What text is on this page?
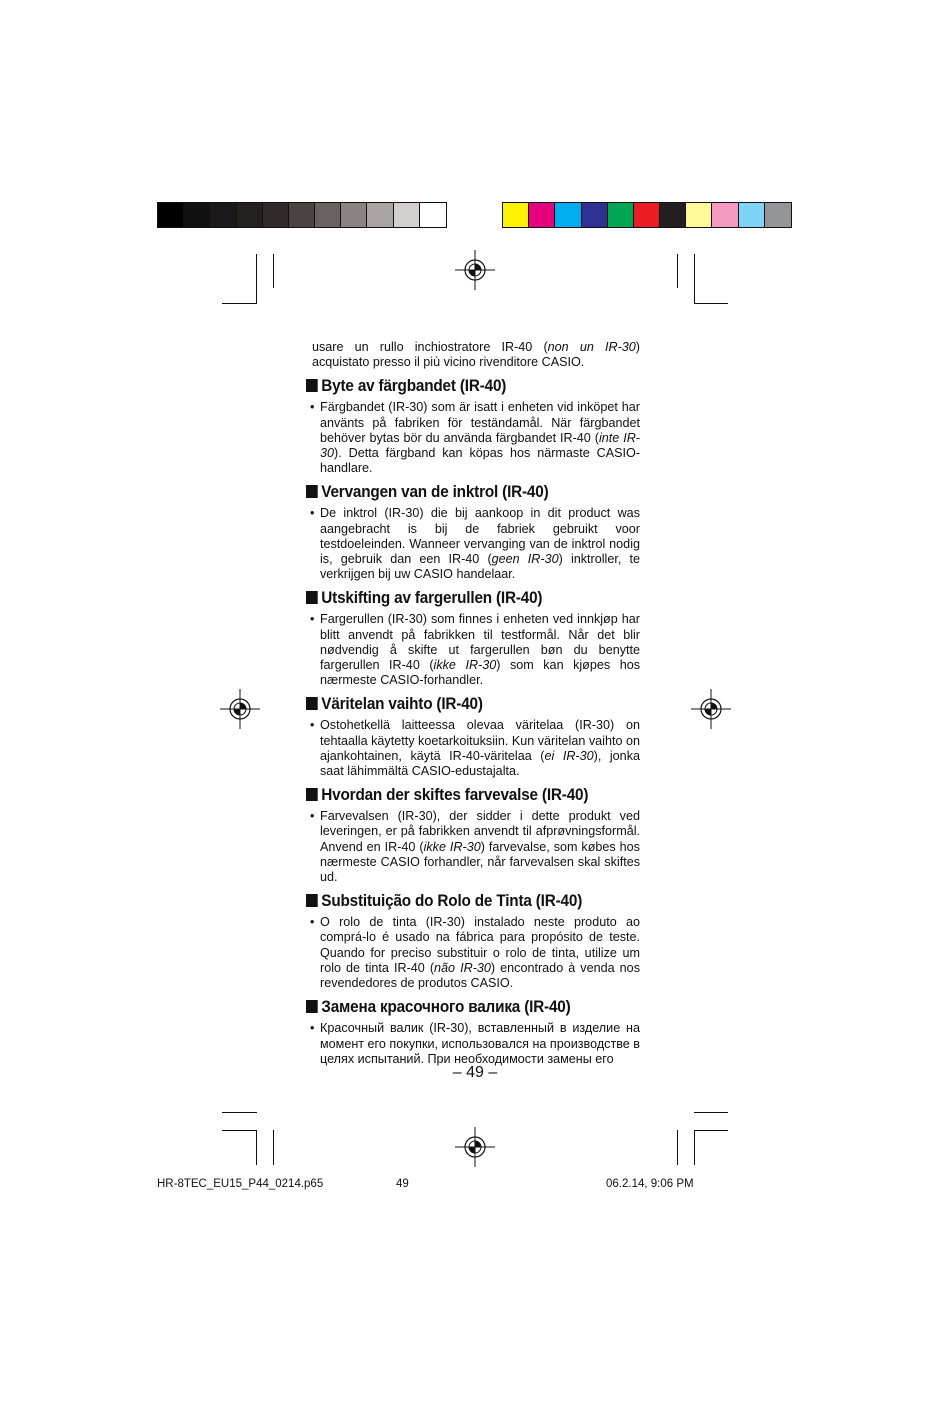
usare un rullo inchiostratore IR-40 (non un IR-30) acquistato presso il più vicino rivenditore CASIO.

Byte av färgbandet (IR-40)
• Färgbandet (IR-30) som är isatt i enheten vid inköpet har använts på fabriken för teständamål. När färgbandet behöver bytas bör du använda färgbandet IR-40 (inte IR-30). Detta färgband kan köpas hos närmaste CASIO-handlare.

Vervangen van de inktrol (IR-40)
• De inktrol (IR-30) die bij aankoop in dit product was aangebracht is bij de fabriek gebruikt voor testdoeleinden. Wanneer vervanging van de inktrol nodig is, gebruik dan een IR-40 (geen IR-30) inktroller, te verkrijgen bij uw CASIO handelaar.

Utskifting av fargerullen (IR-40)
• Fargerullen (IR-30) som finnes i enheten ved innkjøp har blitt anvendt på fabrikken til testformål. Når det blir nødvendig å skifte ut fargerullen bøn du benytte fargerullen IR-40 (ikke IR-30) som kan kjøpes hos nærmeste CASIO-forhandler.

Väritelan vaihto (IR-40)
• Ostohetkellä laitteessa olevaa väritelaa (IR-30) on tehtaalla käytetty koetarkoituksiin. Kun väritelan vaihto on ajankohtainen, käytä IR-40-väritelaa (ei IR-30), jonka saat lähimmältä CASIO-edustajalta.

Hvordan der skiftes farvevalse (IR-40)
• Farvevalsen (IR-30), der sidder i dette produkt ved leveringen, er på fabrikken anvendt til afprøvningsformål. Anvend en IR-40 (ikke IR-30) farvevalse, som købes hos nærmeste CASIO forhandler, når farvevalsen skal skiftes ud.

Substituição do Rolo de Tinta (IR-40)
• O rolo de tinta (IR-30) instalado neste produto ao comprá-lo é usado na fábrica para propósito de teste. Quando for preciso substituir o rolo de tinta, utilize um rolo de tinta IR-40 (não IR-30) encontrado à venda nos revendedores de produtos CASIO.

Замена красочного валика (IR-40)
• Красочный валик (IR-30), вставленный в изделие на момент его покупки, использовался на производстве в целях испытаний. При необходимости замены его

– 49 –
HR-8TEC_EU15_P44_0214.p65	49	06.2.14, 9:06 PM
